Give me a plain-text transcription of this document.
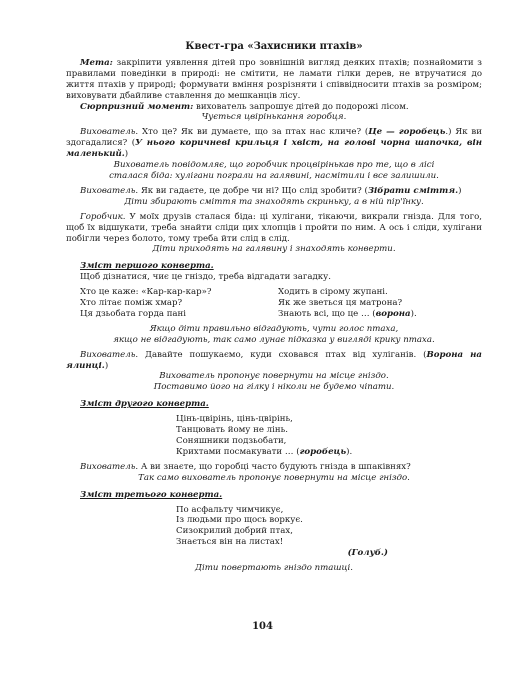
Квест-гра «Захисники птахів»

Мета: закріпити уявлення дітей про зовнішній вигляд деяких птахів; познайомити з правилами поведінки в природі: не смітити, не ламати гілки дерев, не втручатися до життя птахів у природі; формувати вміння розрізняти і співвідносити птахів за розміром; виховувати дбайливе ставлення до мешканців лісу.

Сюрпризний момент: вихователь запрошує дітей до подорожі лісом.

Чується цвірінькання горобця.

Вихователь. Хто це? Як ви думаєте, що за птах нас кличе? (Це — горобець.) Як ви здогадалися? (У нього коричневі крильця і хвіст, на голові чорна шапочка, він маленький.)

Вихователь повідомляє, що горобчик процвірінькав про те, що в лісі

сталася біда: хулігани пограли на галявині, насмітили і все залишили.

Вихователь. Як ви гадаєте, це добре чи ні? Що слід зробити? (Зібрати сміття.)

Діти збирають сміття та знаходять скриньку, а в ній пір'їнку.

Горобчик. У моїх друзів сталася біда: ці хулігани, тікаючи, викрали гнізда. Для того, щоб їх відшукати, треба знайти сліди цих хлопців і пройти по ним. А ось і сліди, хулігани побігли через болото, тому треба йти слід в слід.

Діти приходять на галявину і знаходять конверти.

Зміст першого конверта.

Щоб дізнатися, чиє це гніздо, треба відгадати загадку.

Хто це каже: «Кар-кар-кар»?	Ходить в сірому жупані.
Хто літає поміж хмар?	Як же зветься ця матрона?
Ця дзьобата горда пані	Знають всі, що це … (ворона).

Якщо діти правильно відгадують, чути голос птаха,

якщо не відгадують, так само лунає підказка у вигляді крику птаха.

Вихователь. Давайте пошукаємо, куди сховався птах від хуліганів. (Ворона на ялинці.)

Вихователь пропонує повернути на місце гніздо.

Поставимо його на гілку і ніколи не будемо чіпати.

Зміст другого конверта.

Цінь-цвірінь, цінь-цвірінь,

Танцювать йому не лінь.

Соняшники подзьобати,

Крихтами посмакувати … (горобець).

Вихователь. А ви знаєте, що горобці часто будують гнізда в шпаківнях?

Так само вихователь пропонує повернути на місце гніздо.

Зміст третього конверта.

По асфальту чимчикує,

Із людьми про щось воркує.

Сизокрилий добрий птах,

Знається він на листах!

(Голуб.)

Діти повертають гніздо пташці.

104
